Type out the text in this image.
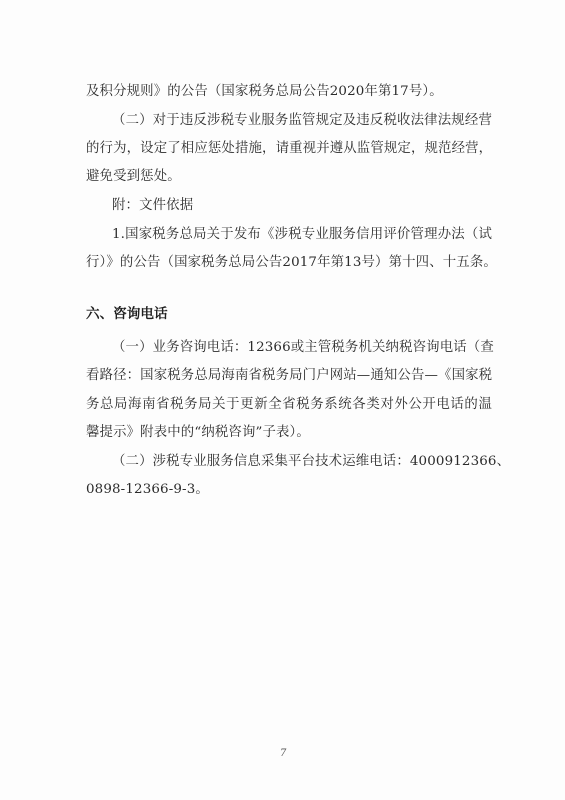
及积分规则》的公告（国家税务总局公告2020年第17号）。
（二）对于违反涉税专业服务监管规定及违反税收法律法规经营
的行为，设定了相应惩处措施，请重视并遵从监管规定，规范经营，
避免受到惩处。
附：文件依据
1.国家税务总局关于发布《涉税专业服务信用评价管理办法（试
行）》的公告（国家税务总局公告2017年第13号）第十四、十五条。
六、咨询电话
（一）业务咨询电话：12366或主管税务机关纳税咨询电话（查
看路径：国家税务总局海南省税务局门户网站—通知公告—《国家税
务总局海南省税务局关于更新全省税务系统各类对外公开电话的温
馨提示》附表中的“纳税咨询”子表）。
（二）涉税专业服务信息采集平台技术运维电话：4000912366、
0898-12366-9-3。
7
